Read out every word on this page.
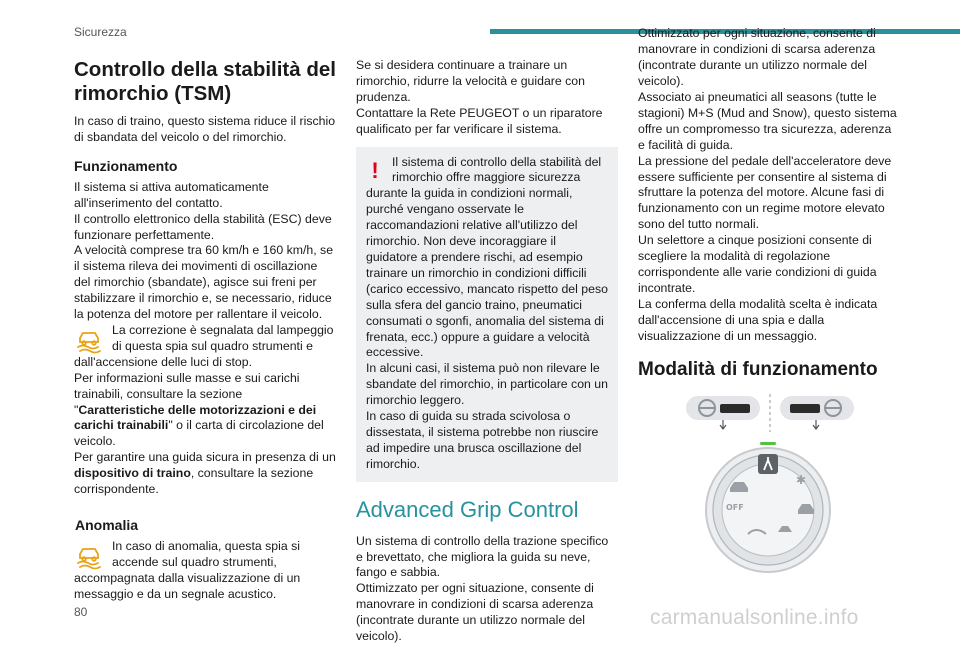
Sicurezza
Controllo della stabilità del rimorchio (TSM)

In caso di traino, questo sistema riduce il rischio di sbandata del veicolo o del rimorchio.

Funzionamento

Il sistema si attiva automaticamente all'inserimento del contatto.

Il controllo elettronico della stabilità (ESC) deve funzionare perfettamente.

A velocità comprese tra 60 km/h e 160 km/h, se il sistema rileva dei movimenti di oscillazione del rimorchio (sbandate), agisce sui freni per stabilizzare il rimorchio e, se necessario, riduce la potenza del motore per rallentare il veicolo.

La correzione è segnalata dal lampeggio di questa spia sul quadro strumenti e dall'accensione delle luci di stop.

Per informazioni sulle masse e sui carichi trainabili, consultare la sezione "Caratteristiche delle motorizzazioni e dei carichi trainabili" o il carta di circolazione del veicolo.

Per garantire una guida sicura in presenza di un dispositivo di traino, consultare la sezione corrispondente.

Anomalia
In caso di anomalia, questa spia si accende sul quadro strumenti, accompagnata dalla visualizzazione di un messaggio e da un segnale acustico.

Se si desidera continuare a trainare un rimorchio, ridurre la velocità e guidare con prudenza.

Contattare la Rete PEUGEOT o un riparatore qualificato per far verificare il sistema.

!	Il sistema di controllo della stabilità del rimorchio offre maggiore sicurezza durante la guida in condizioni normali, purché vengano osservate le raccomandazioni relative all'utilizzo del rimorchio. Non deve incoraggiare il guidatore a prendere rischi, ad esempio trainare un rimorchio in condizioni difficili (carico eccessivo, mancato rispetto del peso sulla sfera del gancio traino, pneumatici consumati o sgonfi, anomalia del sistema di frenata, ecc.) oppure a guidare a velocità eccessive.

In alcuni casi, il sistema può non rilevare le sbandate del rimorchio, in particolare con un rimorchio leggero.

In caso di guida su strada scivolosa o dissestata, il sistema potrebbe non riuscire ad impedire una brusca oscillazione del rimorchio.

Advanced Grip Control

Un sistema di controllo della trazione specifico e brevettato, che migliora la guida su neve, fango e sabbia.

Ottimizzato per ogni situazione, consente di manovrare in condizioni di scarsa aderenza (incontrate durante un utilizzo normale del veicolo).

Ottimizzato per ogni situazione, consente di manovrare in condizioni di scarsa aderenza (incontrate durante un utilizzo normale del veicolo).

Associato ai pneumatici all seasons (tutte le stagioni) M+S (Mud and Snow), questo sistema offre un compromesso tra sicurezza, aderenza e facilità di guida.

La pressione del pedale dell'acceleratore deve essere sufficiente per consentire al sistema di sfruttare la potenza del motore. Alcune fasi di funzionamento con un regime motore elevato sono del tutto normali.

Un selettore a cinque posizioni consente di scegliere la modalità di regolazione corrispondente alle varie condizioni di guida incontrate.

La conferma della modalità scelta è indicata dall'accensione di una spia e dalla visualizzazione di un messaggio.

Modalità di funzionamento
✱
OFF
80	carmanualsonline.info
